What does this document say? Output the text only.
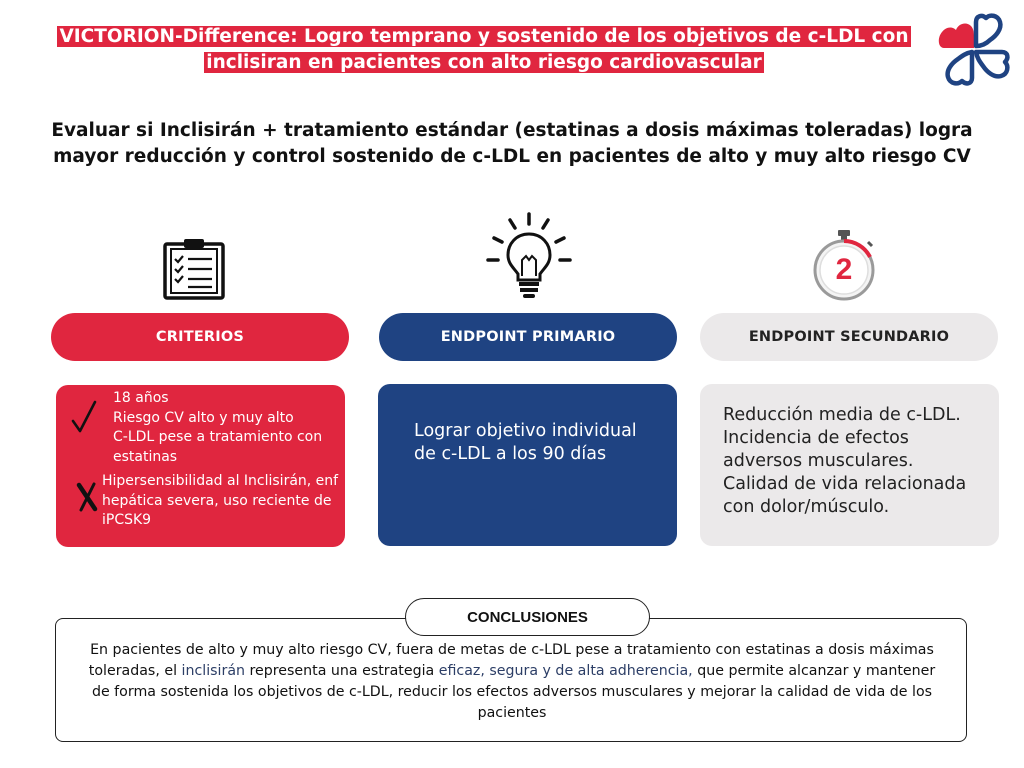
VICTORION-Difference: Logro temprano y sostenido de los objetivos de c-LDL con inclisiran en pacientes con alto riesgo cardiovascular
Evaluar si Inclisirán + tratamiento estándar (estatinas a dosis máximas toleradas) logra mayor reducción y control sostenido de c-LDL en pacientes de alto y muy alto riesgo CV
2
CRITERIOS	ENDPOINT PRIMARIO	ENDPOINT SECUNDARIO
18 años
Riesgo CV alto y muy alto
C-LDL pese a tratamiento con estatinas
Hipersensibilidad al Inclisirán, enf hepática severa, uso reciente de iPCSK9
Lograr objetivo individual de c-LDL a los 90 días
Reducción media de c-LDL.
Incidencia de efectos adversos musculares.
Calidad de vida relacionada con dolor/músculo.
CONCLUSIONES
En pacientes de alto y muy alto riesgo CV, fuera de metas de c-LDL pese a tratamiento con estatinas a dosis máximas toleradas, el inclisirán representa una estrategia eficaz, segura y de alta adherencia, que permite alcanzar y mantener de forma sostenida los objetivos de c-LDL, reducir los efectos adversos musculares y mejorar la calidad de vida de los pacientes
